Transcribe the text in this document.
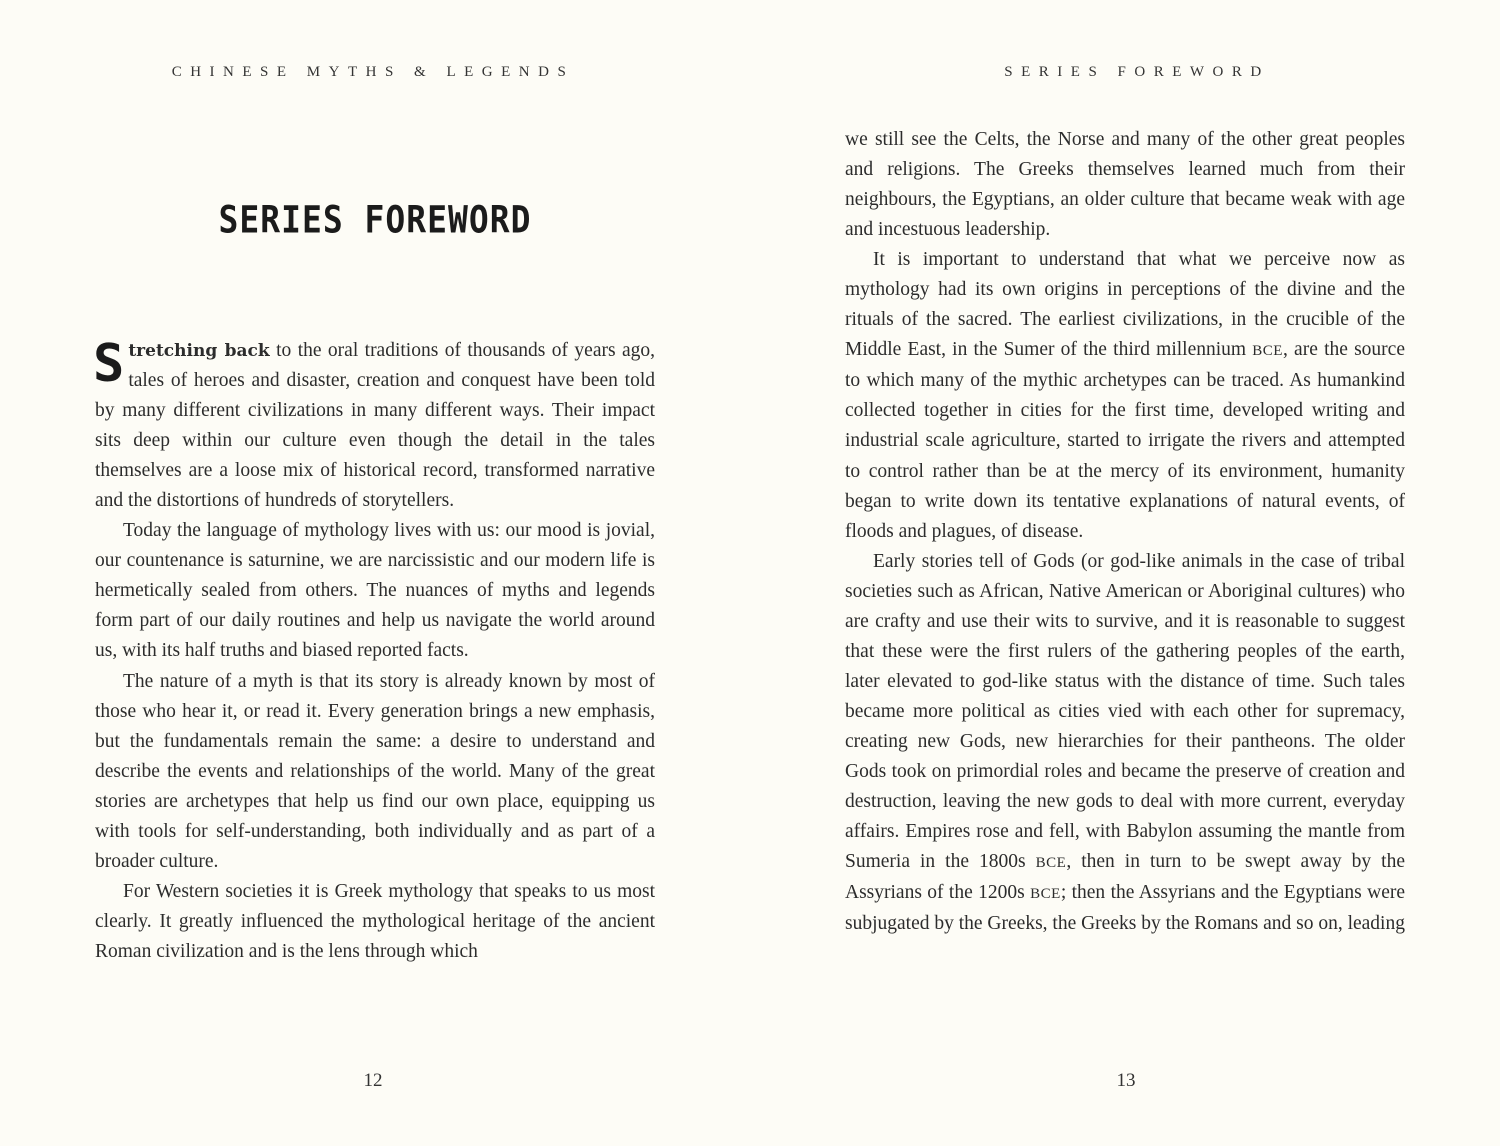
CHINESE MYTHS & LEGENDS
SERIES FOREWORD

Stretching back to the oral traditions of thousands of years ago, tales of heroes and disaster, creation and conquest have been told by many different civilizations in many different ways. Their impact sits deep within our culture even though the detail in the tales themselves are a loose mix of historical record, transformed narrative and the distortions of hundreds of storytellers.

Today the language of mythology lives with us: our mood is jovial, our countenance is saturnine, we are narcissistic and our modern life is hermetically sealed from others. The nuances of myths and legends form part of our daily routines and help us navigate the world around us, with its half truths and biased reported facts.

The nature of a myth is that its story is already known by most of those who hear it, or read it. Every generation brings a new emphasis, but the fundamentals remain the same: a desire to understand and describe the events and relationships of the world. Many of the great stories are archetypes that help us find our own place, equipping us with tools for self-understanding, both individually and as part of a broader culture.

For Western societies it is Greek mythology that speaks to us most clearly. It greatly influenced the mythological heritage of the ancient Roman civilization and is the lens through which

12
SERIES FOREWORD

we still see the Celts, the Norse and many of the other great peoples and religions. The Greeks themselves learned much from their neighbours, the Egyptians, an older culture that became weak with age and incestuous leadership.

It is important to understand that what we perceive now as mythology had its own origins in perceptions of the divine and the rituals of the sacred. The earliest civilizations, in the crucible of the Middle East, in the Sumer of the third millennium BCE, are the source to which many of the mythic archetypes can be traced. As humankind collected together in cities for the first time, developed writing and industrial scale agriculture, started to irrigate the rivers and attempted to control rather than be at the mercy of its environment, humanity began to write down its tentative explanations of natural events, of floods and plagues, of disease.

Early stories tell of Gods (or god-like animals in the case of tribal societies such as African, Native American or Aboriginal cultures) who are crafty and use their wits to survive, and it is reasonable to suggest that these were the first rulers of the gathering peoples of the earth, later elevated to god-like status with the distance of time. Such tales became more political as cities vied with each other for supremacy, creating new Gods, new hierarchies for their pantheons. The older Gods took on primordial roles and became the preserve of creation and destruction, leaving the new gods to deal with more current, everyday affairs. Empires rose and fell, with Babylon assuming the mantle from Sumeria in the 1800s BCE, then in turn to be swept away by the Assyrians of the 1200s BCE; then the Assyrians and the Egyptians were subjugated by the Greeks, the Greeks by the Romans and so on, leading

13
